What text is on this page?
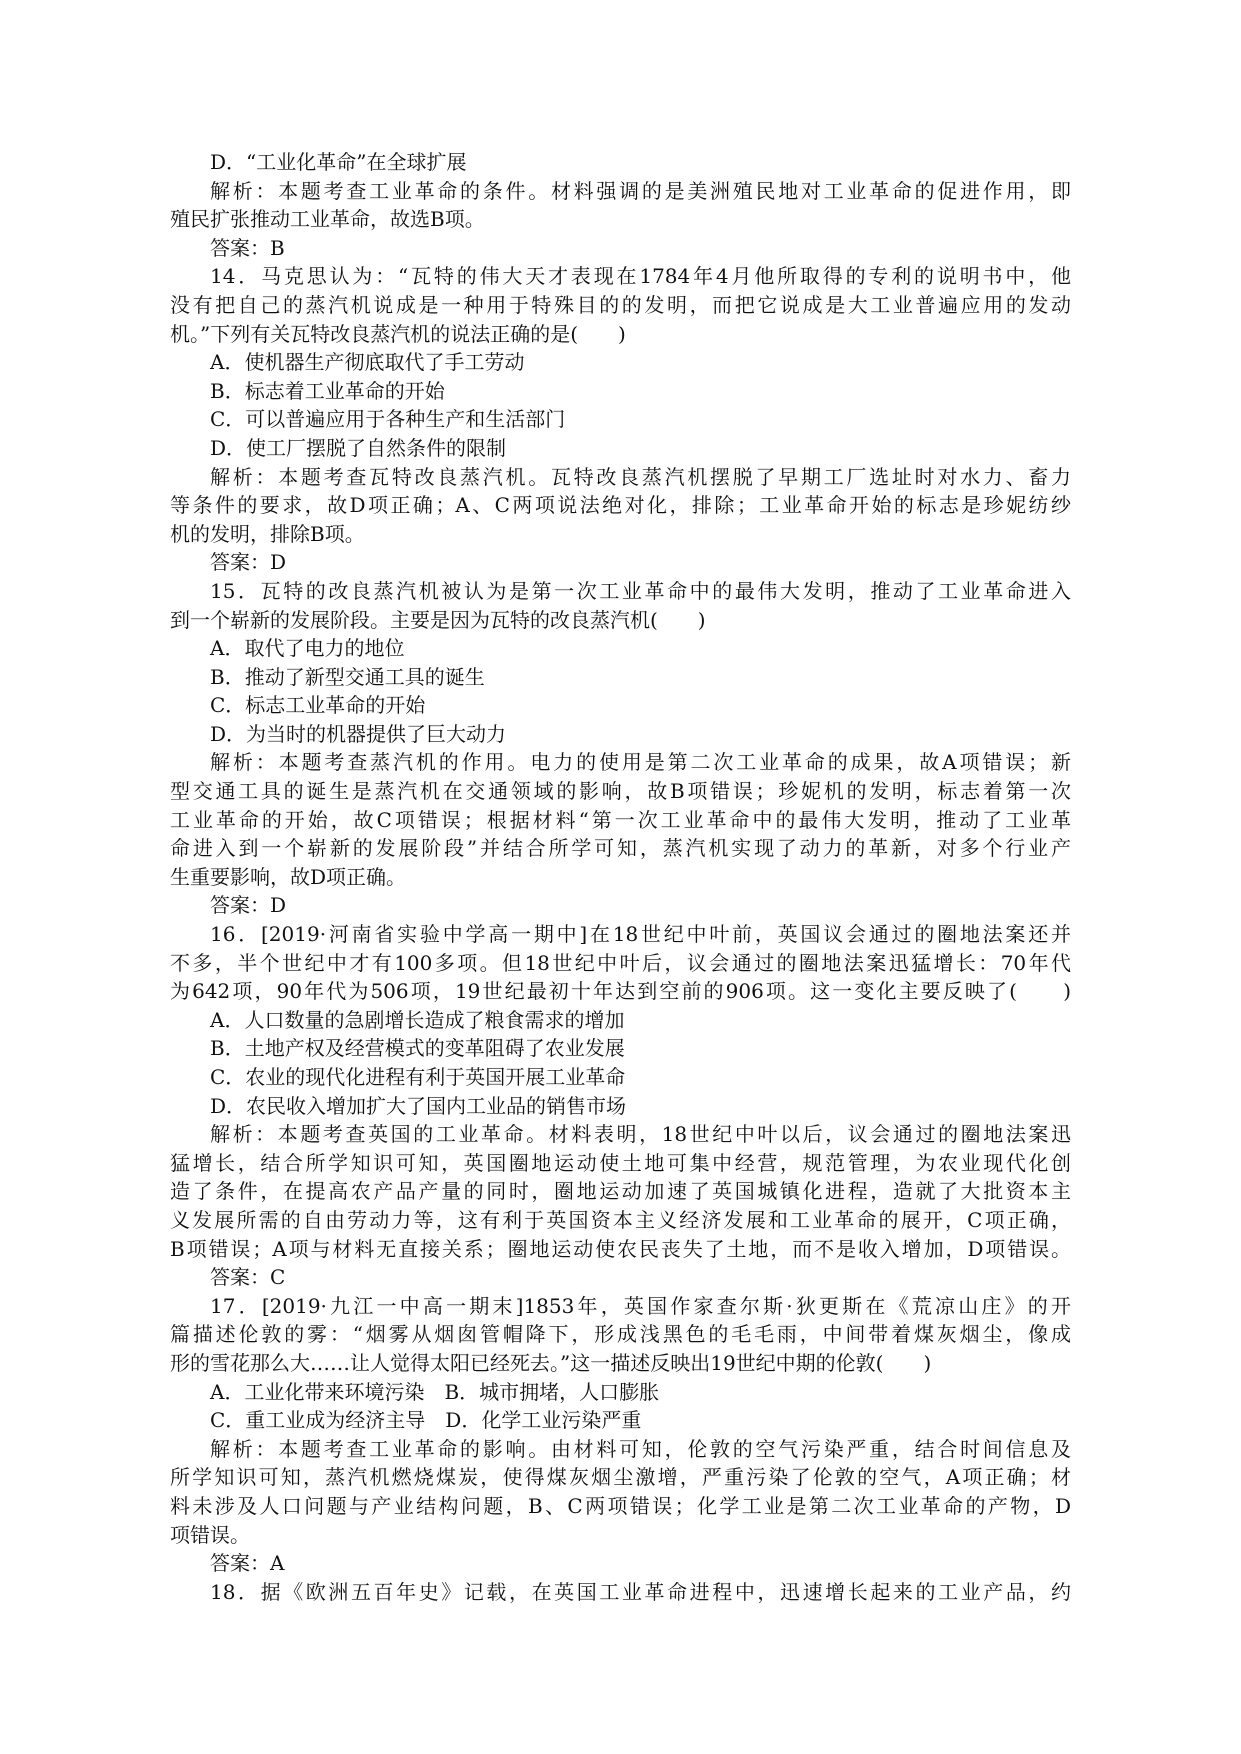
D．“工业化革命”在全球扩展

解析：本题考查工业革命的条件。材料强调的是美洲殖民地对工业革命的促进作用，即

殖民扩张推动工业革命，故选B项。

答案：B

14．马克思认为：“瓦特的伟大天才表现在1784年4月他所取得的专利的说明书中，他

没有把自己的蒸汽机说成是一种用于特殊目的的发明，而把它说成是大工业普遍应用的发动

机。”下列有关瓦特改良蒸汽机的说法正确的是(　　)

A．使机器生产彻底取代了手工劳动

B．标志着工业革命的开始

C．可以普遍应用于各种生产和生活部门

D．使工厂摆脱了自然条件的限制

解析：本题考查瓦特改良蒸汽机。瓦特改良蒸汽机摆脱了早期工厂选址时对水力、畜力

等条件的要求，故D项正确；A、C两项说法绝对化，排除；工业革命开始的标志是珍妮纺纱

机的发明，排除B项。

答案：D

15．瓦特的改良蒸汽机被认为是第一次工业革命中的最伟大发明，推动了工业革命进入

到一个崭新的发展阶段。主要是因为瓦特的改良蒸汽机(　　)

A．取代了电力的地位

B．推动了新型交通工具的诞生

C．标志工业革命的开始

D．为当时的机器提供了巨大动力

解析：本题考查蒸汽机的作用。电力的使用是第二次工业革命的成果，故A项错误；新

型交通工具的诞生是蒸汽机在交通领域的影响，故B项错误；珍妮机的发明，标志着第一次

工业革命的开始，故C项错误；根据材料“第一次工业革命中的最伟大发明，推动了工业革

命进入到一个崭新的发展阶段”并结合所学可知，蒸汽机实现了动力的革新，对多个行业产

生重要影响，故D项正确。

答案：D

16．[2019·河南省实验中学高一期中]在18世纪中叶前，英国议会通过的圈地法案还并

不多，半个世纪中才有100多项。但18世纪中叶后，议会通过的圈地法案迅猛增长：70年代

为642项，90年代为506项，19世纪最初十年达到空前的906项。这一变化主要反映了(　　)

A．人口数量的急剧增长造成了粮食需求的增加

B．土地产权及经营模式的变革阻碍了农业发展

C．农业的现代化进程有利于英国开展工业革命

D．农民收入增加扩大了国内工业品的销售市场

解析：本题考查英国的工业革命。材料表明，18世纪中叶以后，议会通过的圈地法案迅

猛增长，结合所学知识可知，英国圈地运动使土地可集中经营，规范管理，为农业现代化创

造了条件，在提高农产品产量的同时，圈地运动加速了英国城镇化进程，造就了大批资本主

义发展所需的自由劳动力等，这有利于英国资本主义经济发展和工业革命的展开，C项正确，

B项错误；A项与材料无直接关系；圈地运动使农民丧失了土地，而不是收入增加，D项错误。

答案：C

17．[2019·九江一中高一期末]1853年，英国作家查尔斯·狄更斯在《荒凉山庄》的开

篇描述伦敦的雾：“烟雾从烟囱管帽降下，形成浅黑色的毛毛雨，中间带着煤灰烟尘，像成

形的雪花那么大……让人觉得太阳已经死去。”这一描述反映出19世纪中期的伦敦(　　)

A．工业化带来环境污染　B．城市拥堵，人口膨胀

C．重工业成为经济主导　D．化学工业污染严重

解析：本题考查工业革命的影响。由材料可知，伦敦的空气污染严重，结合时间信息及

所学知识可知，蒸汽机燃烧煤炭，使得煤灰烟尘激增，严重污染了伦敦的空气，A项正确；材

料未涉及人口问题与产业结构问题，B、C两项错误；化学工业是第二次工业革命的产物，D

项错误。

答案：A

18．据《欧洲五百年史》记载，在英国工业革命进程中，迅速增长起来的工业产品，约
